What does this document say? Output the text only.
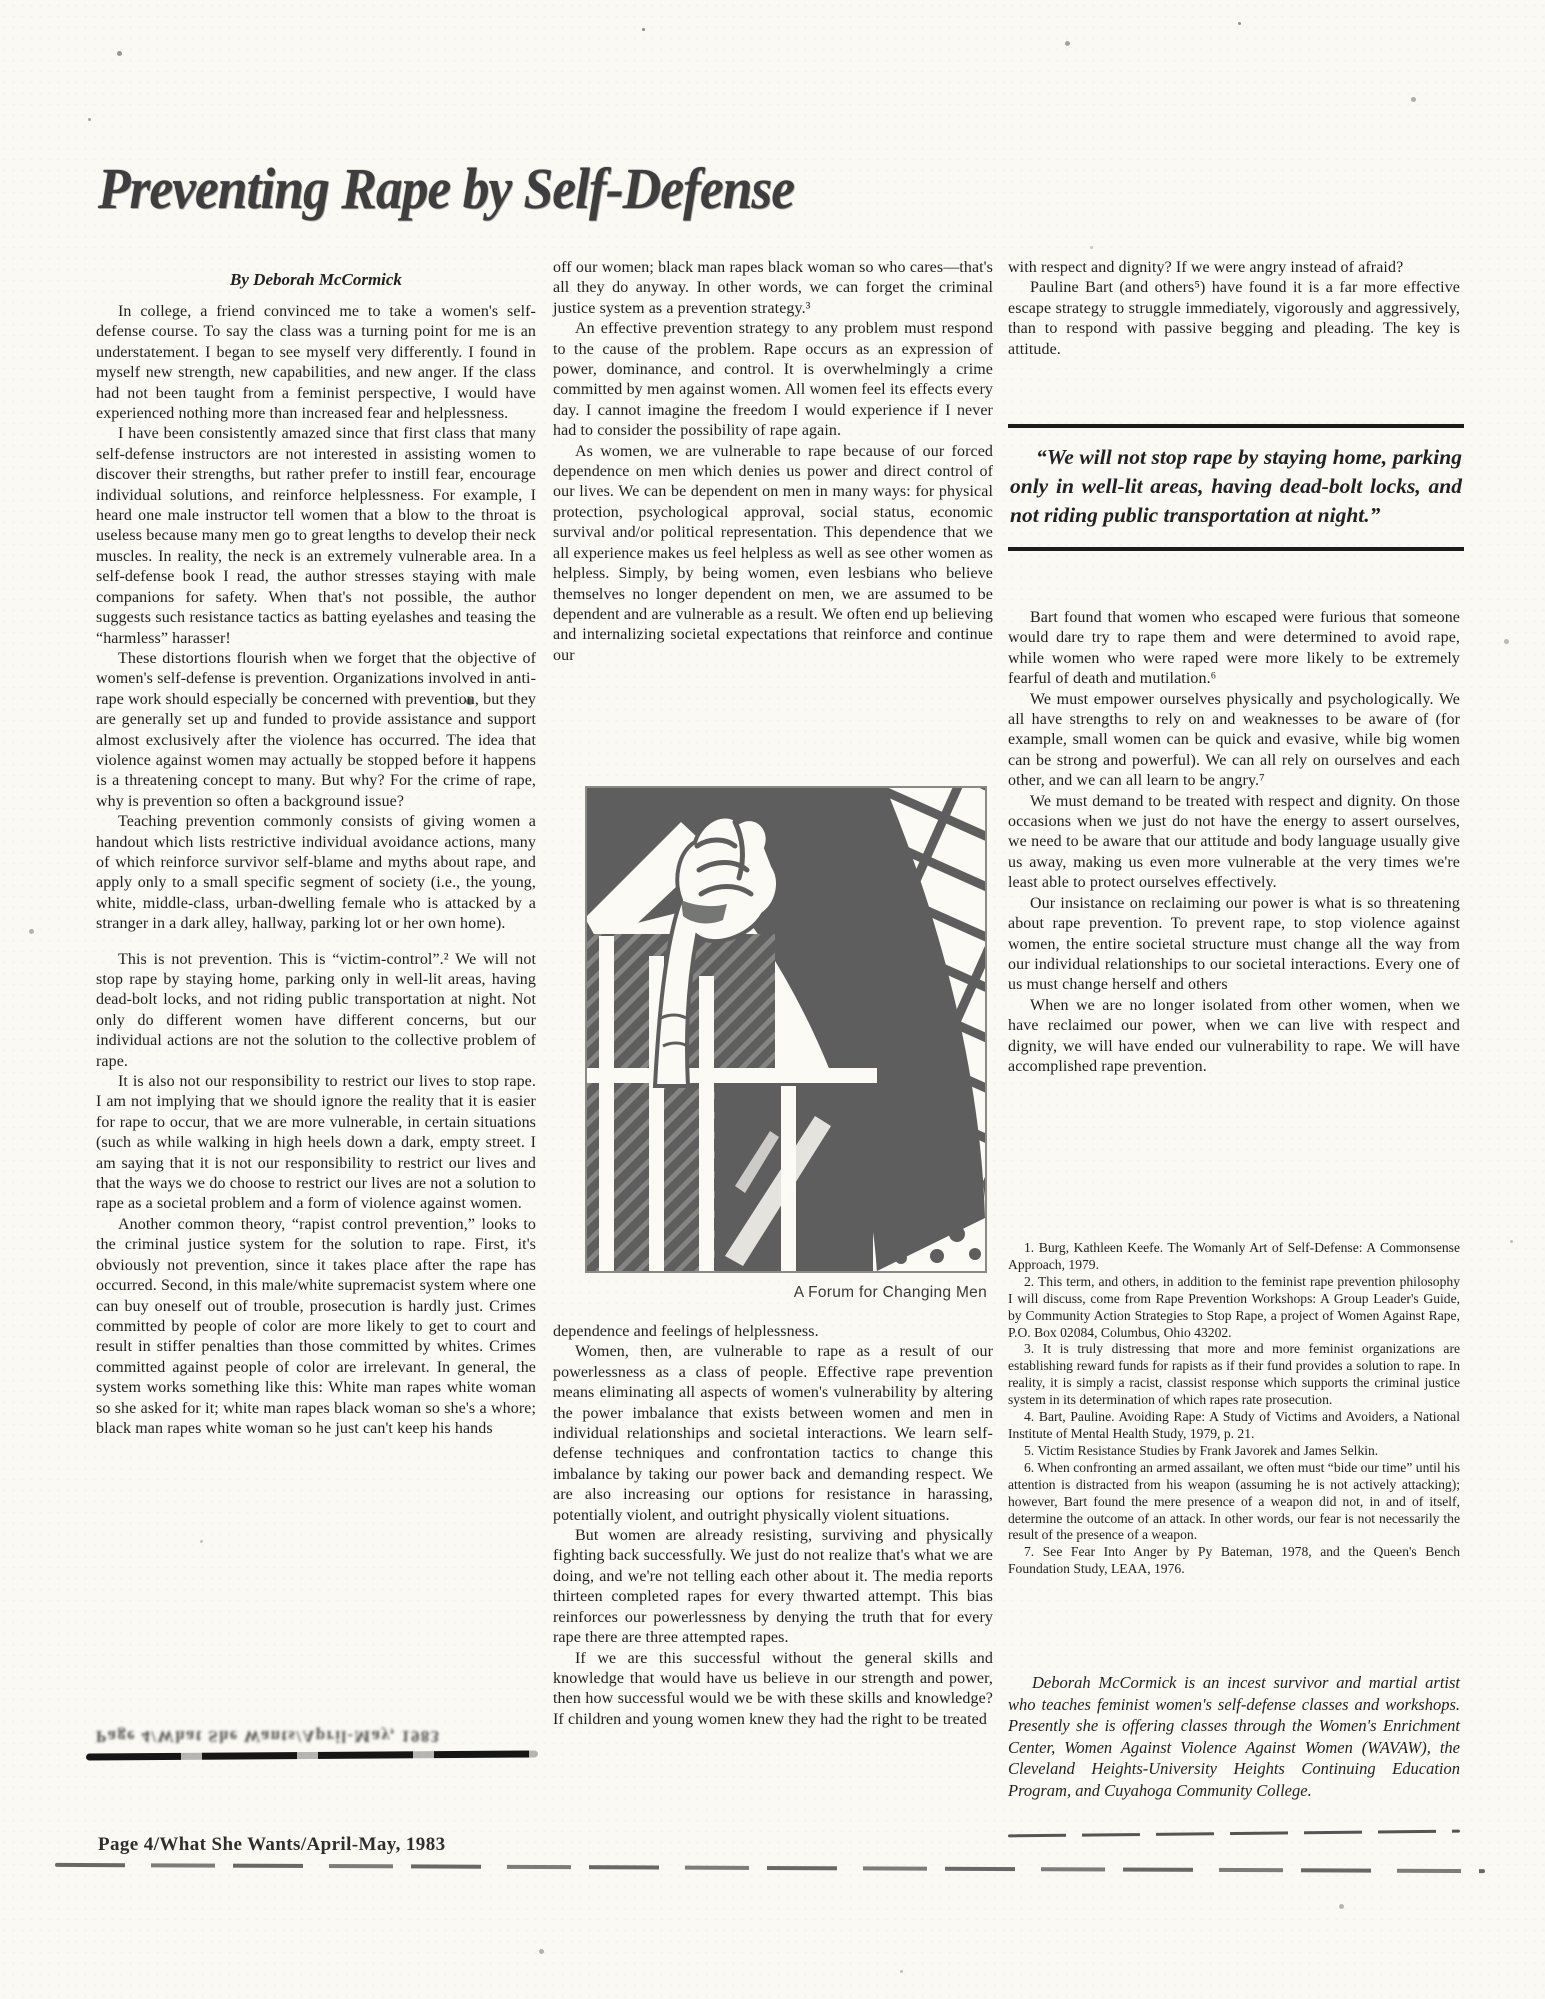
Preventing Rape by Self-Defense
By Deborah McCormick

In college, a friend convinced me to take a women's self-defense course. To say the class was a turning point for me is an understatement. I began to see myself very differently. I found in myself new strength, new capabilities, and new anger. If the class had not been taught from a feminist perspective, I would have experienced nothing more than increased fear and helplessness.

I have been consistently amazed since that first class that many self-defense instructors are not interested in assisting women to discover their strengths, but rather prefer to instill fear, encourage individual solutions, and reinforce helplessness. For example, I heard one male instructor tell women that a blow to the throat is useless because many men go to great lengths to develop their neck muscles. In reality, the neck is an extremely vulnerable area. In a self-defense book I read, the author stresses staying with male companions for safety. When that's not possible, the author suggests such resistance tactics as batting eyelashes and teasing the “harmless” harasser!

These distortions flourish when we forget that the objective of women's self-defense is prevention. Organizations involved in anti-rape work should especially be concerned with prevention, but they are generally set up and funded to provide assistance and support almost exclusively after the violence has occurred. The idea that violence against women may actually be stopped before it happens is a threatening concept to many. But why? For the crime of rape, why is prevention so often a background issue?

Teaching prevention commonly consists of giving women a handout which lists restrictive individual avoidance actions, many of which reinforce survivor self-blame and myths about rape, and apply only to a small specific segment of society (i.e., the young, white, middle-class, urban-dwelling female who is attacked by a stranger in a dark alley, hallway, parking lot or her own home).

This is not prevention. This is “victim-control”.² We will not stop rape by staying home, parking only in well-lit areas, having dead-bolt locks, and not riding public transportation at night. Not only do different women have different concerns, but our individual actions are not the solution to the collective problem of rape.

It is also not our responsibility to restrict our lives to stop rape. I am not implying that we should ignore the reality that it is easier for rape to occur, that we are more vulnerable, in certain situations (such as while walking in high heels down a dark, empty street. I am saying that it is not our responsibility to restrict our lives and that the ways we do choose to restrict our lives are not a solution to rape as a societal problem and a form of violence against women.

Another common theory, “rapist control prevention,” looks to the criminal justice system for the solution to rape. First, it's obviously not prevention, since it takes place after the rape has occurred. Second, in this male/white supremacist system where one can buy oneself out of trouble, prosecution is hardly just. Crimes committed by people of color are more likely to get to court and result in stiffer penalties than those committed by whites. Crimes committed against people of color are irrelevant. In general, the system works something like this: White man rapes white woman so she asked for it; white man rapes black woman so she's a whore; black man rapes white woman so he just can't keep his hands

off our women; black man rapes black woman so who cares—that's all they do anyway. In other words, we can forget the criminal justice system as a prevention strategy.³

An effective prevention strategy to any problem must respond to the cause of the problem. Rape occurs as an expression of power, dominance, and control. It is overwhelmingly a crime committed by men against women. All women feel its effects every day. I cannot imagine the freedom I would experience if I never had to consider the possibility of rape again.

As women, we are vulnerable to rape because of our forced dependence on men which denies us power and direct control of our lives. We can be dependent on men in many ways: for physical protection, psychological approval, social status, economic survival and/or political representation. This dependence that we all experience makes us feel helpless as well as see other women as helpless. Simply, by being women, even lesbians who believe themselves no longer dependent on men, we are assumed to be dependent and are vulnerable as a result. We often end up believing and internalizing societal expectations that reinforce and continue our

A Forum for Changing Men

dependence and feelings of helplessness.

Women, then, are vulnerable to rape as a result of our powerlessness as a class of people. Effective rape prevention means eliminating all aspects of women's vulnerability by altering the power imbalance that exists between women and men in individual relationships and societal interactions. We learn self-defense techniques and confrontation tactics to change this imbalance by taking our power back and demanding respect. We are also increasing our options for resistance in harassing, potentially violent, and outright physically violent situations.

But women are already resisting, surviving and physically fighting back successfully. We just do not realize that's what we are doing, and we're not telling each other about it. The media reports thirteen completed rapes for every thwarted attempt. This bias reinforces our powerlessness by denying the truth that for every rape there are three attempted rapes.

If we are this successful without the general skills and knowledge that would have us believe in our strength and power, then how successful would we be with these skills and knowledge? If children and young women knew they had the right to be treated

with respect and dignity? If we were angry instead of afraid?

Pauline Bart (and others⁵) have found it is a far more effective escape strategy to struggle immediately, vigorously and aggressively, than to respond with passive begging and pleading. The key is attitude.

“We will not stop rape by staying home, parking only in well-lit areas, having dead-bolt locks, and not riding public transportation at night.”

Bart found that women who escaped were furious that someone would dare try to rape them and were determined to avoid rape, while women who were raped were more likely to be extremely fearful of death and mutilation.⁶

We must empower ourselves physically and psychologically. We all have strengths to rely on and weaknesses to be aware of (for example, small women can be quick and evasive, while big women can be strong and powerful). We can all rely on ourselves and each other, and we can all learn to be angry.⁷

We must demand to be treated with respect and dignity. On those occasions when we just do not have the energy to assert ourselves, we need to be aware that our attitude and body language usually give us away, making us even more vulnerable at the very times we're least able to protect ourselves effectively.

Our insistance on reclaiming our power is what is so threatening about rape prevention. To prevent rape, to stop violence against women, the entire societal structure must change all the way from our individual relationships to our societal interactions. Every one of us must change herself and others

When we are no longer isolated from other women, when we have reclaimed our power, when we can live with respect and dignity, we will have ended our vulnerability to rape. We will have accomplished rape prevention.

1. Burg, Kathleen Keefe. The Womanly Art of Self-Defense: A Commonsense Approach, 1979.

2. This term, and others, in addition to the feminist rape prevention philosophy I will discuss, come from Rape Prevention Workshops: A Group Leader's Guide, by Community Action Strategies to Stop Rape, a project of Women Against Rape, P.O. Box 02084, Columbus, Ohio 43202.

3. It is truly distressing that more and more feminist organizations are establishing reward funds for rapists as if their fund provides a solution to rape. In reality, it is simply a racist, classist response which supports the criminal justice system in its determination of which rapes rate prosecution.

4. Bart, Pauline. Avoiding Rape: A Study of Victims and Avoiders, a National Institute of Mental Health Study, 1979, p. 21.

5. Victim Resistance Studies by Frank Javorek and James Selkin.

6. When confronting an armed assailant, we often must “bide our time” until his attention is distracted from his weapon (assuming he is not actively attacking); however, Bart found the mere presence of a weapon did not, in and of itself, determine the outcome of an attack. In other words, our fear is not necessarily the result of the presence of a weapon.

7. See Fear Into Anger by Py Bateman, 1978, and the Queen's Bench Foundation Study, LEAA, 1976.

Deborah McCormick is an incest survivor and martial artist who teaches feminist women's self-defense classes and workshops. Presently she is offering classes through the Women's Enrichment Center, Women Against Violence Against Women (WAVAW), the Cleveland Heights-University Heights Continuing Education Program, and Cuyahoga Community College.

Page 4/What She Wants/April-May, 1983
Page 4/What She Wants/April-May, 1983
